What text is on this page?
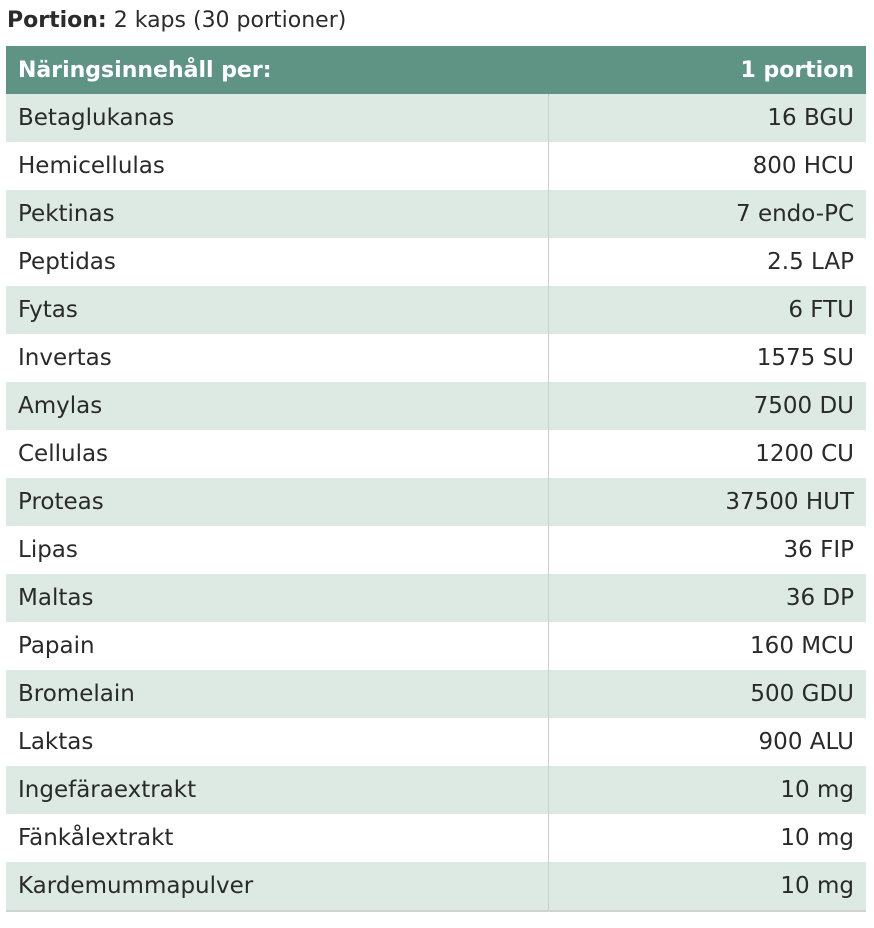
Portion: 2 kaps (30 portioner)
Näringsinnehåll per:	1 portion
Betaglukanas	16 BGU
Hemicellulas	800 HCU
Pektinas	7 endo-PC
Peptidas	2.5 LAP
Fytas	6 FTU
Invertas	1575 SU
Amylas	7500 DU
Cellulas	1200 CU
Proteas	37500 HUT
Lipas	36 FIP
Maltas	36 DP
Papain	160 MCU
Bromelain	500 GDU
Laktas	900 ALU
Ingefäraextrakt	10 mg
Fänkålextrakt	10 mg
Kardemummapulver	10 mg
